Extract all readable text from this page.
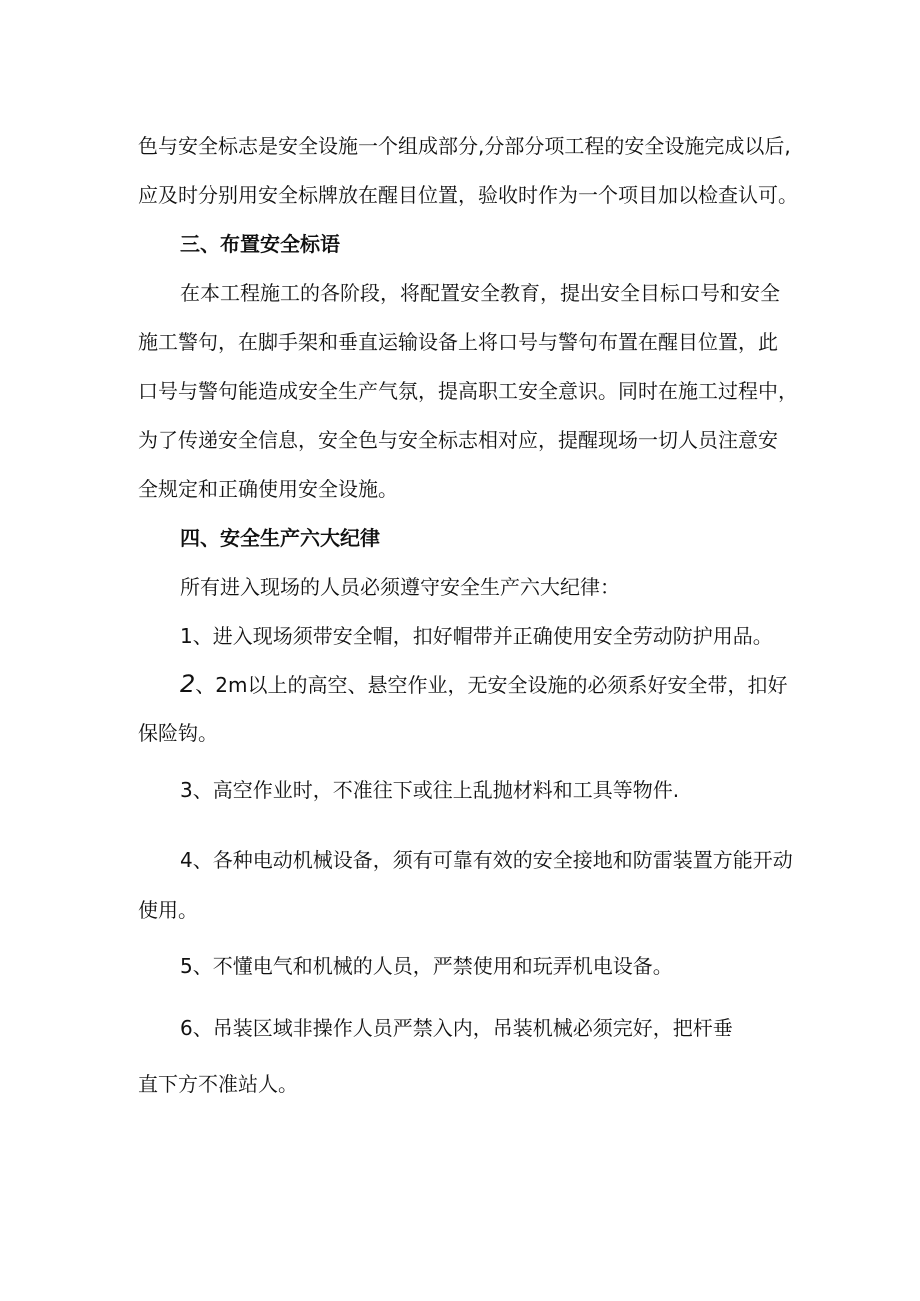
色与安全标志是安全设施一个组成部分,分部分项工程的安全设施完成以后,
应及时分别用安全标牌放在醒目位置，验收时作为一个项目加以检查认可。
三、布置安全标语
在本工程施工的各阶段，将配置安全教育，提出安全目标口号和安全
施工警句，在脚手架和垂直运输设备上将口号与警句布置在醒目位置，此
口号与警句能造成安全生产气氛，提高职工安全意识。同时在施工过程中，
为了传递安全信息，安全色与安全标志相对应，提醒现场一切人员注意安
全规定和正确使用安全设施。
四、安全生产六大纪律
所有进入现场的人员必须遵守安全生产六大纪律：
1、进入现场须带安全帽，扣好帽带并正确使用安全劳动防护用品。
2、2m以上的高空、悬空作业，无安全设施的必须系好安全带，扣好
保险钩。
3、高空作业时，不准往下或往上乱抛材料和工具等物件.
4、各种电动机械设备，须有可靠有效的安全接地和防雷装置方能开动
使用。
5、不懂电气和机械的人员，严禁使用和玩弄机电设备。
6、吊装区域非操作人员严禁入内，吊装机械必须完好，把杆垂
直下方不准站人。
